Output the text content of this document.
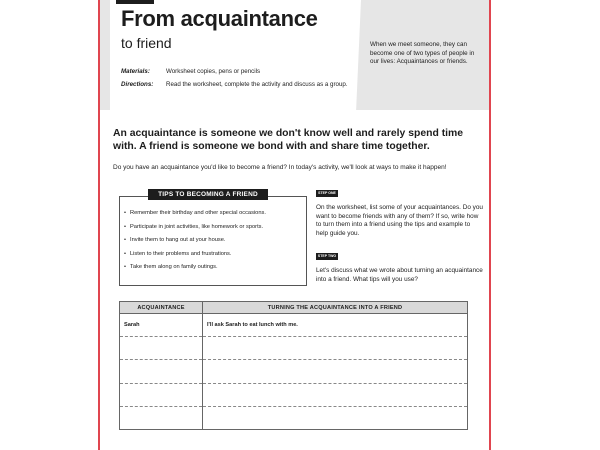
From acquaintance
to friend
Materials:	Worksheet copies, pens or pencils
Directions:	Read the worksheet, complete the activity and discuss as a group.
When we meet someone, they can become one of two types of people in our lives: Acquaintances or friends.
An acquaintance is someone we don't know well and rarely spend time with. A friend is someone we bond with and share time together.
Do you have an acquaintance you'd like to become a friend? In today's activity, we'll look at ways to make it happen!
• Remember their birthday and other special occasions.
• Participate in joint activities, like homework or sports.
• Invite them to hang out at your house.
• Listen to their problems and frustrations.
• Take them along on family outings.
TIPS TO BECOMING A FRIEND	STEP ONE
On the worksheet, list some of your acquaintances. Do you want to become friends with any of them? If so, write how to turn them into a friend using the tips and example to help guide you.
STEP TWO
Let's discuss what we wrote about turning an acquaintance into a friend. What tips will you use?
ACQUAINTANCE	TURNING THE ACQUAINTANCE INTO A FRIEND
Sarah	I'll ask Sarah to eat lunch with me.
